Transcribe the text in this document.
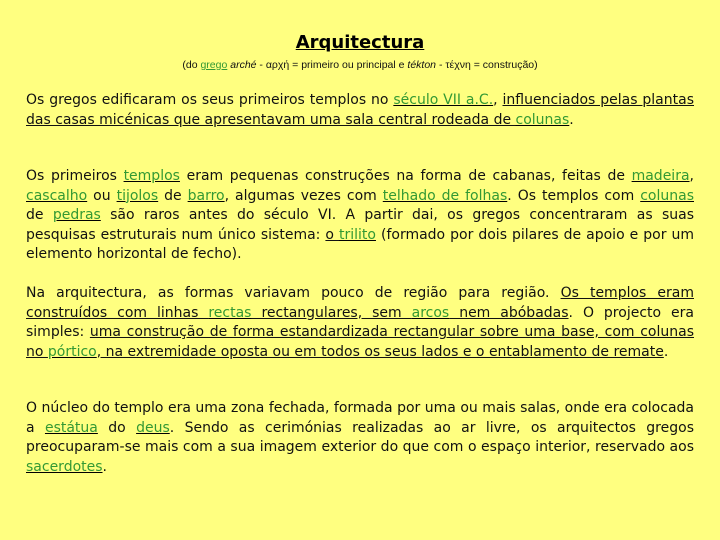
Arquitectura
(do grego arché - αρχή = primeiro ou principal e tékton - τέχνη = construção)
Os gregos edificaram os seus primeiros templos no século VII a.C., influenciados pelas plantas das casas micénicas que apresentavam uma sala central rodeada de colunas.
Os primeiros templos eram pequenas construções na forma de cabanas, feitas de madeira, cascalho ou tijolos de barro, algumas vezes com telhado de folhas. Os templos com colunas de pedras são raros antes do século VI. A partir dai, os gregos concentraram as suas pesquisas estruturais num único sistema: o trilito (formado por dois pilares de apoio e por um elemento horizontal de fecho).
Na arquitectura, as formas variavam pouco de região para região. Os templos eram construídos com linhas rectas rectangulares, sem arcos nem abóbadas. O projecto era simples: uma construção de forma estandardizada rectangular sobre uma base, com colunas no pórtico, na extremidade oposta ou em todos os seus lados e o entablamento de remate.
O núcleo do templo era uma zona fechada, formada por uma ou mais salas, onde era colocada a estátua do deus. Sendo as cerimónias realizadas ao ar livre, os arquitectos gregos preocuparam-se mais com a sua imagem exterior do que com o espaço interior, reservado aos sacerdotes.
